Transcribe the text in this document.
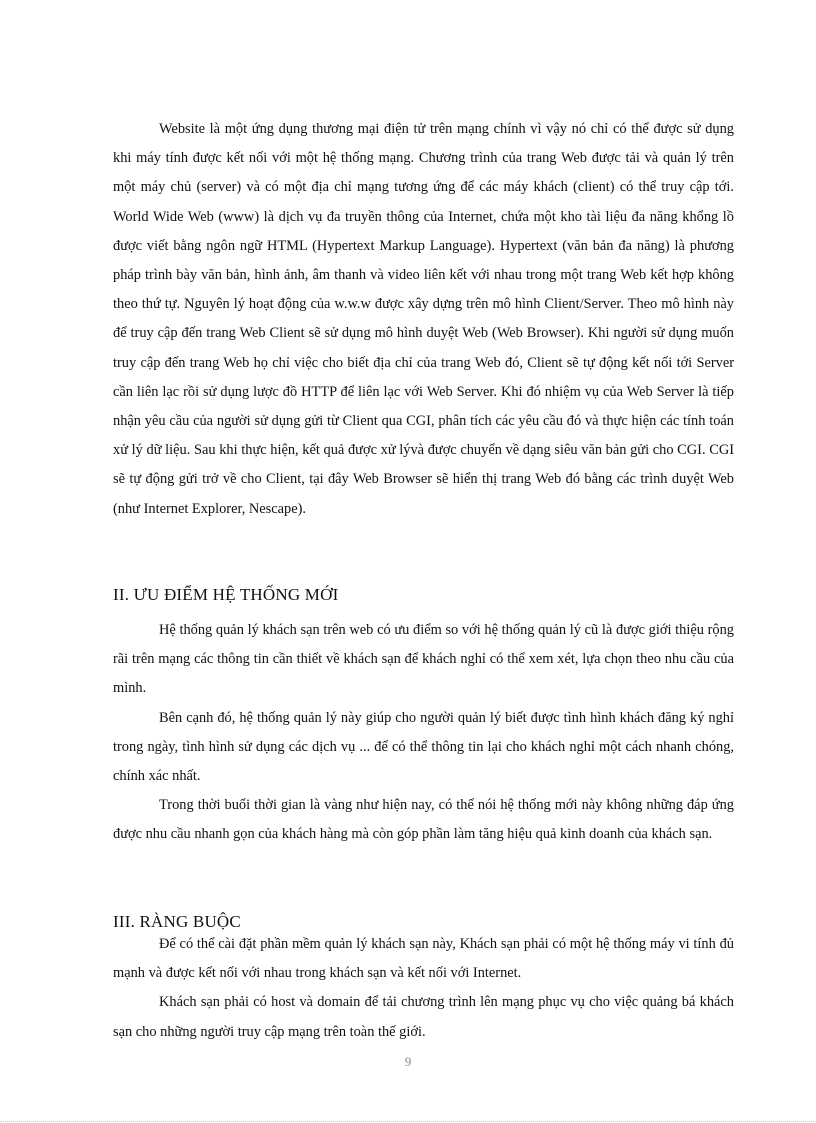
Website là một ứng dụng thương mại điện tử trên mạng chính vì vậy nó chỉ có thể được sử dụng khi máy tính được kết nối với một hệ thống mạng. Chương trình của trang Web được tải và quản lý trên một máy chủ (server) và có một địa chỉ mạng tương ứng để các máy khách (client) có thể truy cập tới. World Wide Web (www) là dịch vụ đa truyền thông của Internet, chứa một kho tài liệu đa năng khổng lồ được viết bằng ngôn ngữ HTML (Hypertext Markup Language). Hypertext (văn bản đa năng) là phương pháp trình bày văn bản, hình ảnh, âm thanh và video liên kết với nhau trong một trang Web kết hợp không theo thứ tự. Nguyên lý hoạt động của w.w.w được xây dựng trên mô hình Client/Server. Theo mô hình này để truy cập đến trang Web Client sẽ sử dụng mô hình duyệt Web (Web Browser). Khi người sử dụng muốn truy cập đến trang Web họ chỉ việc cho biết địa chỉ của trang Web đó, Client sẽ tự động kết nối tới Server cần liên lạc rồi sử dụng lược đồ HTTP để liên lạc với Web Server. Khi đó nhiệm vụ của Web Server là tiếp nhận yêu cầu của người sử dụng gửi từ Client qua CGI, phân tích các yêu cầu đó và thực hiện các tính toán xử lý dữ liệu. Sau khi thực hiện, kết quả được xử lývà được chuyển về dạng siêu văn bản gửi cho CGI. CGI sẽ tự động gửi trở về cho Client, tại đây Web Browser sẽ hiển thị trang Web đó bằng các trình duyệt Web (như Internet Explorer, Nescape).

II. ƯU ĐIỂM HỆ THỐNG MỚI

Hệ thống quản lý khách sạn trên web có ưu điểm so với hệ thống quản lý cũ là được giới thiệu rộng rãi trên mạng các thông tin cần thiết về khách sạn để khách nghỉ có thể xem xét, lựa chọn theo nhu cầu của mình.

Bên cạnh đó, hệ thống quản lý này giúp cho người quản lý biết được tình hình khách đăng ký nghỉ trong ngày, tình hình sử dụng các dịch vụ ... để có thể thông tin lại cho khách nghỉ một cách nhanh chóng, chính xác nhất.

Trong thời buổi thời gian là vàng như hiện nay, có thể nói hệ thống mới này không những đáp ứng được nhu cầu nhanh gọn của khách hàng mà còn góp phần làm tăng hiệu quả kinh doanh của khách sạn.

III. RÀNG BUỘC

Để có thể cài đặt phần mềm quản lý khách sạn này, Khách sạn phải có một hệ thống máy vi tính đủ mạnh và được kết nối với nhau trong khách sạn và kết nối với Internet.

Khách sạn phải có host và domain để tải chương trình lên mạng phục vụ cho việc quảng bá khách sạn cho những người truy cập mạng trên toàn thế giới.

9
